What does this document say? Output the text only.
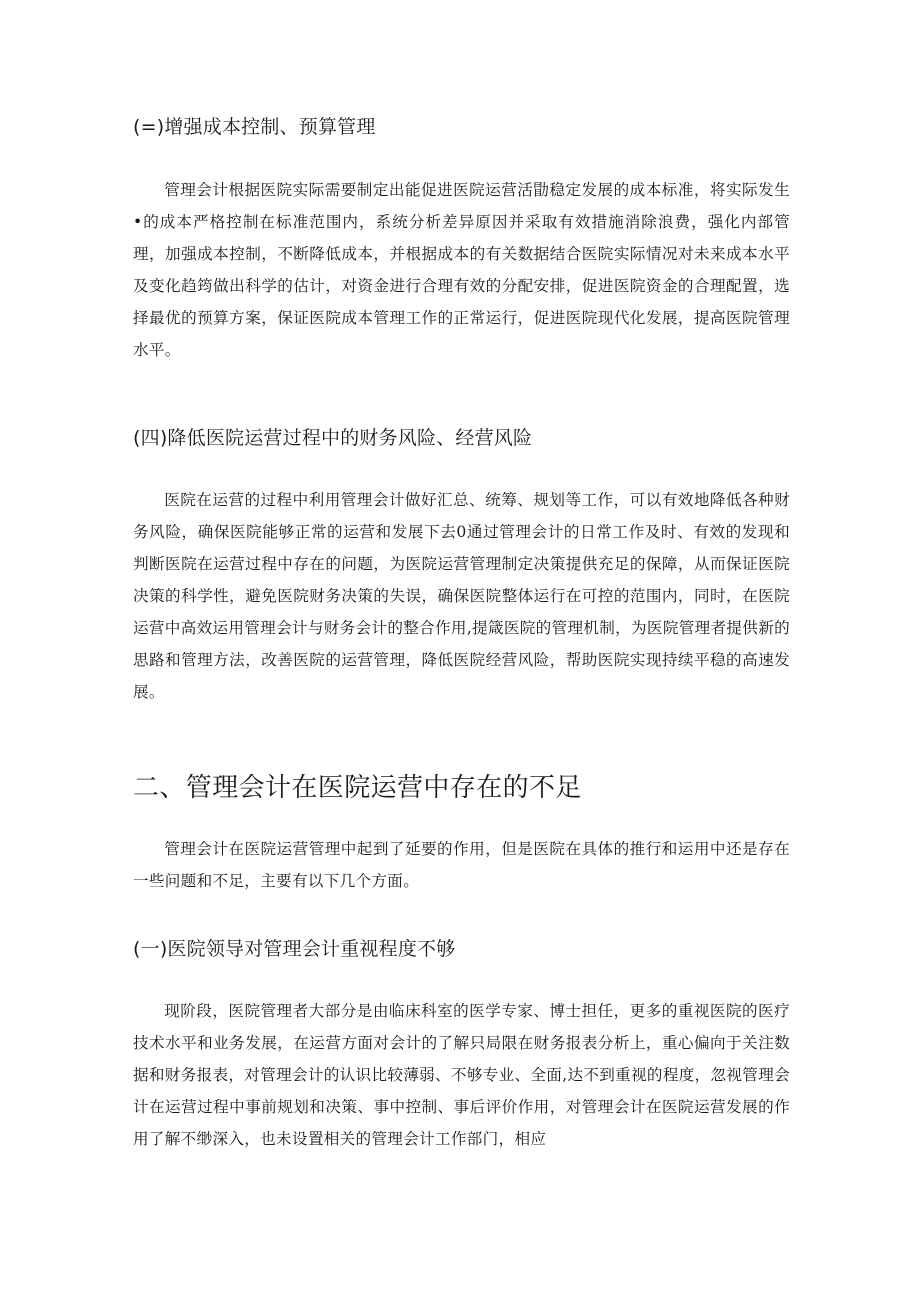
(=)增强成本控制、预算管理

管理会计根据医院实际需要制定出能促进医院运营活勖稳定发展的成本标准，将实际发生•的成本严格控制在标准范围内，系统分析差异原因并采取有效措施消除浪费，强化内部管理，加强成本控制，不断降低成本，并根据成本的有关数据结合医院实际情况对未来成本水平及变化趋筠做出科学的估计，对资金进行合理有效的分配安排，促进医院资金的合理配置，选择最优的预算方案，保证医院成本管理工作的正常运行，促进医院现代化发展，提高医院管理水平。

(四)降低医院运营过程中的财务风险、经营风险

医院在运营的过程中利用管理会计做好汇总、统筹、规划等工作，可以有效地降低各种财务风险，确保医院能够正常的运营和发展下去0通过管理会计的日常工作及时、有效的发现和判断医院在运营过程中存在的问题，为医院运营管理制定决策提供充足的保障，从而保证医院决策的科学性，避免医院财务决策的失误，确保医院整体运行在可控的范围内，同时，在医院运营中高效运用管理会计与财务会计的整合作用,提箴医院的管理机制，为医院管理者提供新的思路和管理方法，改善医院的运营管理，降低医院经营风险，帮助医院实现持续平稳的高速发展。

二、管理会计在医院运营中存在的不足

管理会计在医院运营管理中起到了延要的作用，但是医院在具体的推行和运用中还是存在一些问题和不足，主要有以下几个方面。

(一)医院领导对管理会计重视程度不够

现阶段，医院管理者大部分是由临床科室的医学专家、博士担任，更多的重视医院的医疗技术水平和业务发展，在运营方面对会计的了解只局限在财务报表分析上，重心偏向于关注数据和财务报表，对管理会计的认识比较薄弱、不够专业、全面,达不到重视的程度，忽视管理会计在运营过程中事前规划和决策、事中控制、事后评价作用，对管理会计在医院运营发展的作用了解不缈深入，也未设置相关的管理会计工作部门，相应
